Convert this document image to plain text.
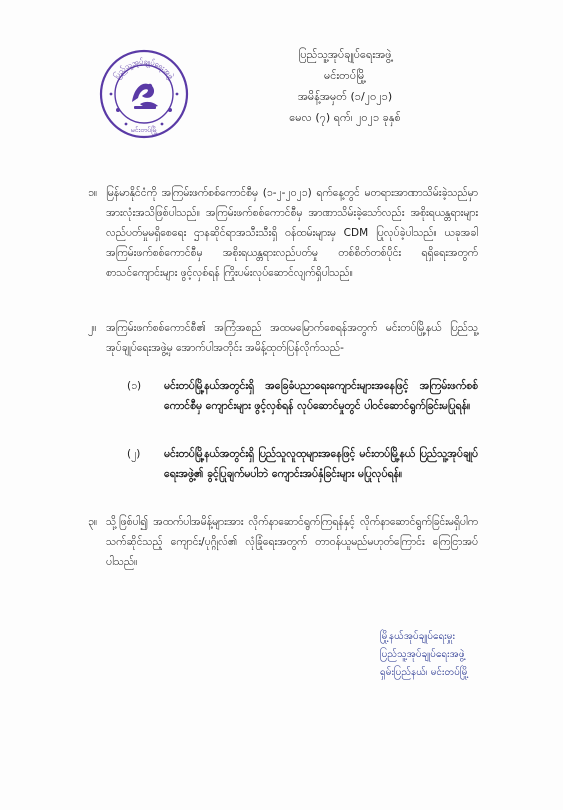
ပြည်သူ့အုပ်ချုပ်ရေးအဖွဲ့
မင်းတပ်မြို့
ပြည်သူ့အုပ်ချုပ်ရေးအဖွဲ့
မင်းတပ်မြို့
အမိန့်အမှတ် (၁/၂၀၂၁)
မေလ (၇) ရက်၊ ၂၀၂၁ ခုနှစ်
၁။ မြန်မာနိုင်ငံကို အကြမ်းဖက်စစ်ကောင်စီမှ (၁-၂-၂၀၂၁) ရက်နေ့တွင် မတရားအာဏာသိမ်းခဲ့သည်မှာ အားလုံးအသိဖြစ်ပါသည်။ အကြမ်းဖက်စစ်ကောင်စီမှ အာဏာသိမ်းခဲ့သော်လည်း အစိုးရယန္တရားများ လည်ပတ်မှုမရှိစေရေး ဌာနဆိုင်ရာအသီးသီးရှိ ဝန်ထမ်းများမှ CDM ပြုလုပ်ခဲ့ပါသည်။ ယခုအခါ အကြမ်းဖက်စစ်ကောင်စီမှ အစိုးရယန္တရားလည်ပတ်မှု တစ်စိတ်တစ်ပိုင်း ရရှိရေးအတွက် စာသင်ကျောင်းများ ဖွင့်လှစ်ရန် ကြိုးပမ်းလုပ်ဆောင်လျက်ရှိပါသည်။
၂။ အကြမ်းဖက်စစ်ကောင်စီ၏ အကြံအစည် အထမမြောက်စေရန်အတွက် မင်းတပ်မြို့နယ် ပြည်သူ့အုပ်ချုပ်ရေးအဖွဲ့မှ အောက်ပါအတိုင်း အမိန့်ထုတ်ပြန်လိုက်သည်-
(၁) မင်းတပ်မြို့နယ်အတွင်းရှိ အခြေခံပညာရေးကျောင်းများအနေဖြင့် အကြမ်းဖက်စစ်ကောင်စီမှ ကျောင်းများ ဖွင့်လှစ်ရန် လုပ်ဆောင်မှုတွင် ပါဝင်ဆောင်ရွက်ခြင်းမပြုရန်။
(၂) မင်းတပ်မြို့နယ်အတွင်းရှိ ပြည်သူလူထုများအနေဖြင့် မင်းတပ်မြို့နယ် ပြည်သူ့အုပ်ချုပ်ရေးအဖွဲ့၏ ခွင့်ပြုချက်မပါဘဲ ကျောင်းအပ်နှံခြင်းများ မပြုလုပ်ရန်။
၃။ သို့ဖြစ်ပါ၍ အထက်ပါအမိန့်များအား လိုက်နာဆောင်ရွက်ကြရန်နှင့် လိုက်နာဆောင်ရွက်ခြင်းမရှိပါက သက်ဆိုင်သည့် ကျောင်း/ပုဂ္ဂိုလ်၏ လုံခြုံရေးအတွက် တာဝန်ယူမည်မဟုတ်ကြောင်း ကြေငြာအပ်ပါသည်။
မြို့နယ်အုပ်ချုပ်ရေးမှူး
ပြည်သူ့အုပ်ချုပ်ရေးအဖွဲ့
ရှမ်းပြည်နယ်၊ မင်းတပ်မြို့
